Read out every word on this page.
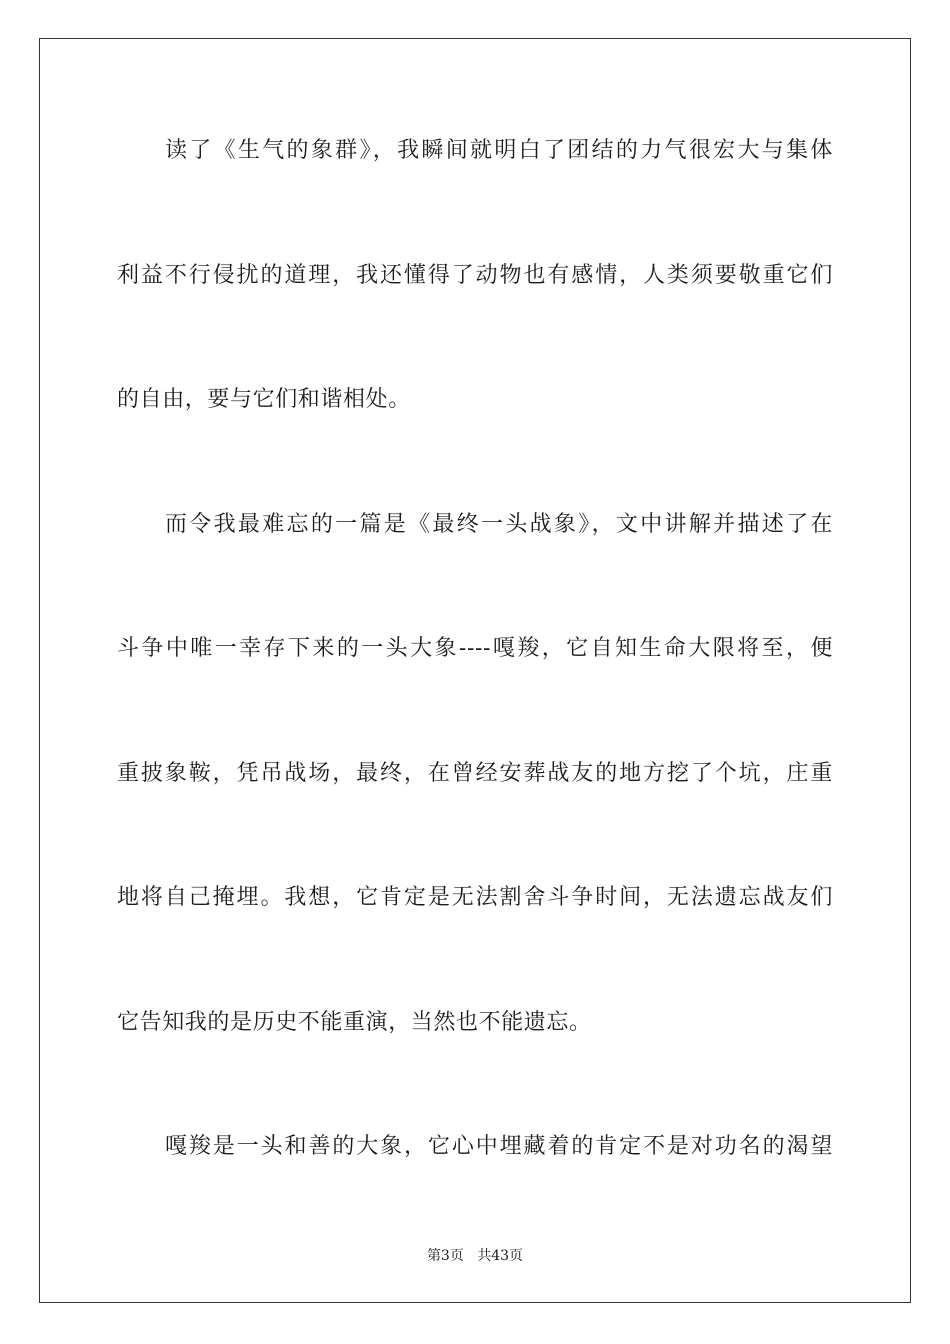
读了《生气的象群》，我瞬间就明白了团结的力气很宏大与集体
利益不行侵扰的道理，我还懂得了动物也有感情，人类须要敬重它们
的自由，要与它们和谐相处。
而令我最难忘的一篇是《最终一头战象》，文中讲解并描述了在
斗争中唯一幸存下来的一头大象----嘎羧，它自知生命大限将至，便
重披象鞍，凭吊战场，最终，在曾经安葬战友的地方挖了个坑，庄重
地将自己掩埋。我想，它肯定是无法割舍斗争时间，无法遗忘战友们
它告知我的是历史不能重演，当然也不能遗忘。
嘎羧是一头和善的大象，它心中埋藏着的肯定不是对功名的渴望
第3页 共43页
